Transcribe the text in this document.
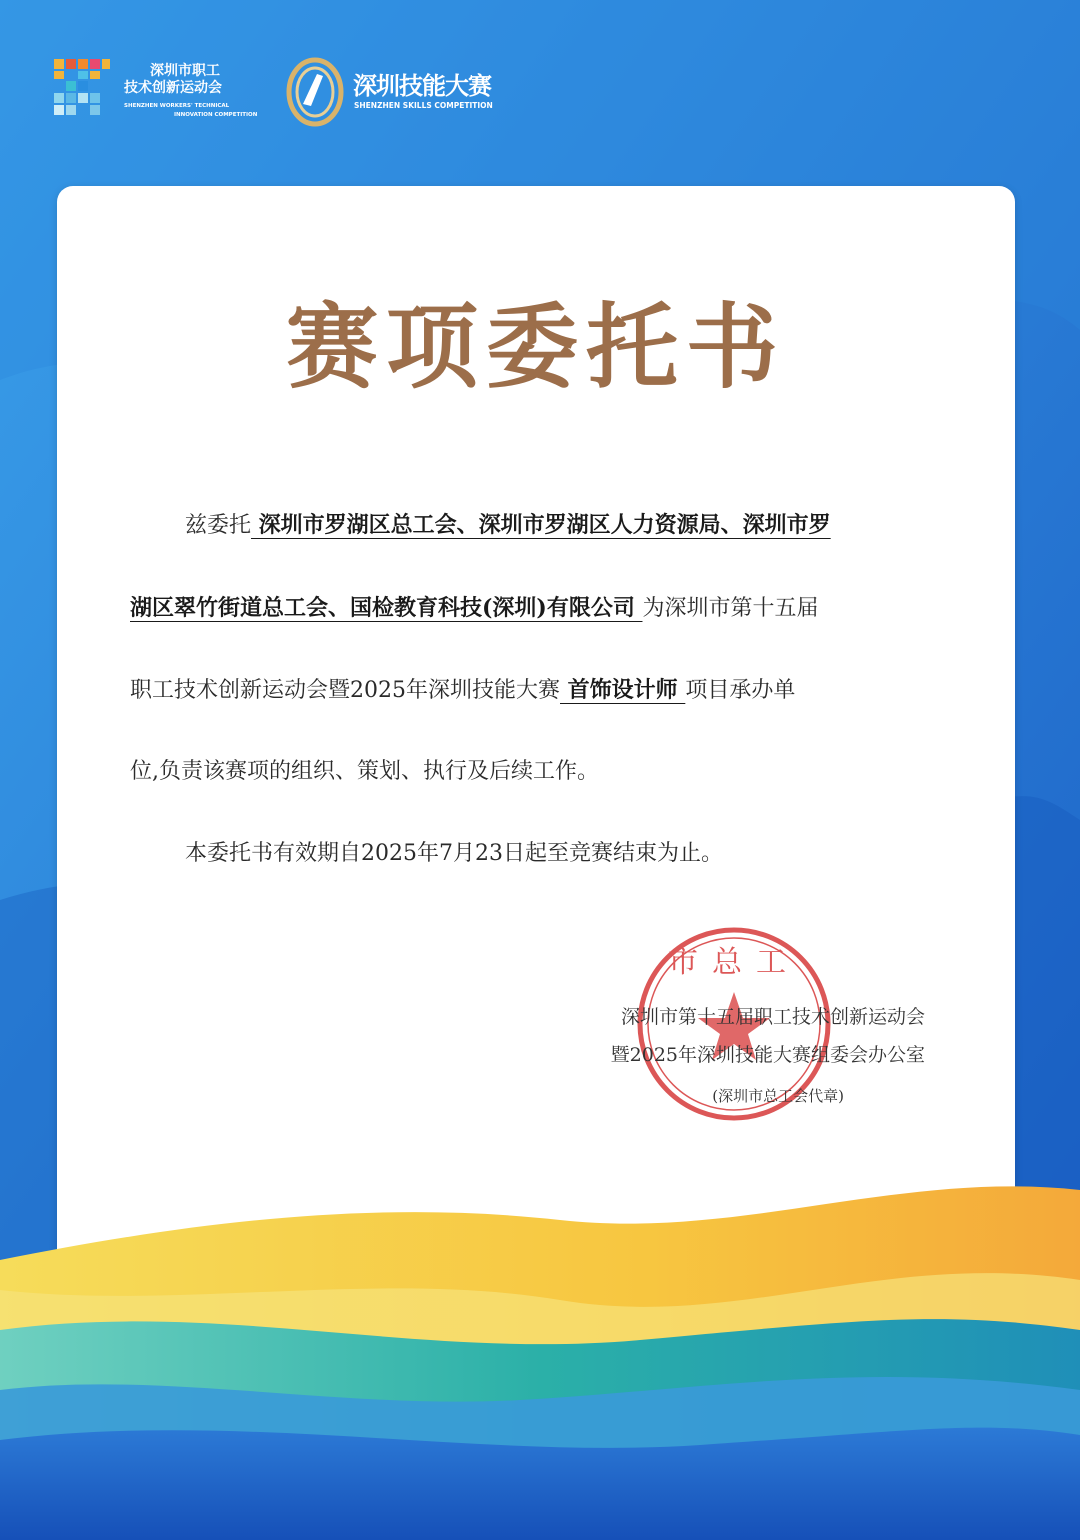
深圳市职工
技术创新运动会
SHENZHEN WORKERS' TECHNICAL
INNOVATION COMPETITION
深圳技能大赛
SHENZHEN SKILLS COMPETITION
赛项委托书
兹委托 深圳市罗湖区总工会、深圳市罗湖区人力资源局、深圳市罗
湖区翠竹街道总工会、国检教育科技(深圳)有限公司 为深圳市第十五届
职工技术创新运动会暨2025年深圳技能大赛 首饰设计师 项目承办单
位,负责该赛项的组织、策划、执行及后续工作。
本委托书有效期自2025年7月23日起至竞赛结束为止。
市总工
深圳市第十五届职工技术创新运动会
暨2025年深圳技能大赛组委会办公室
(深圳市总工会代章)
